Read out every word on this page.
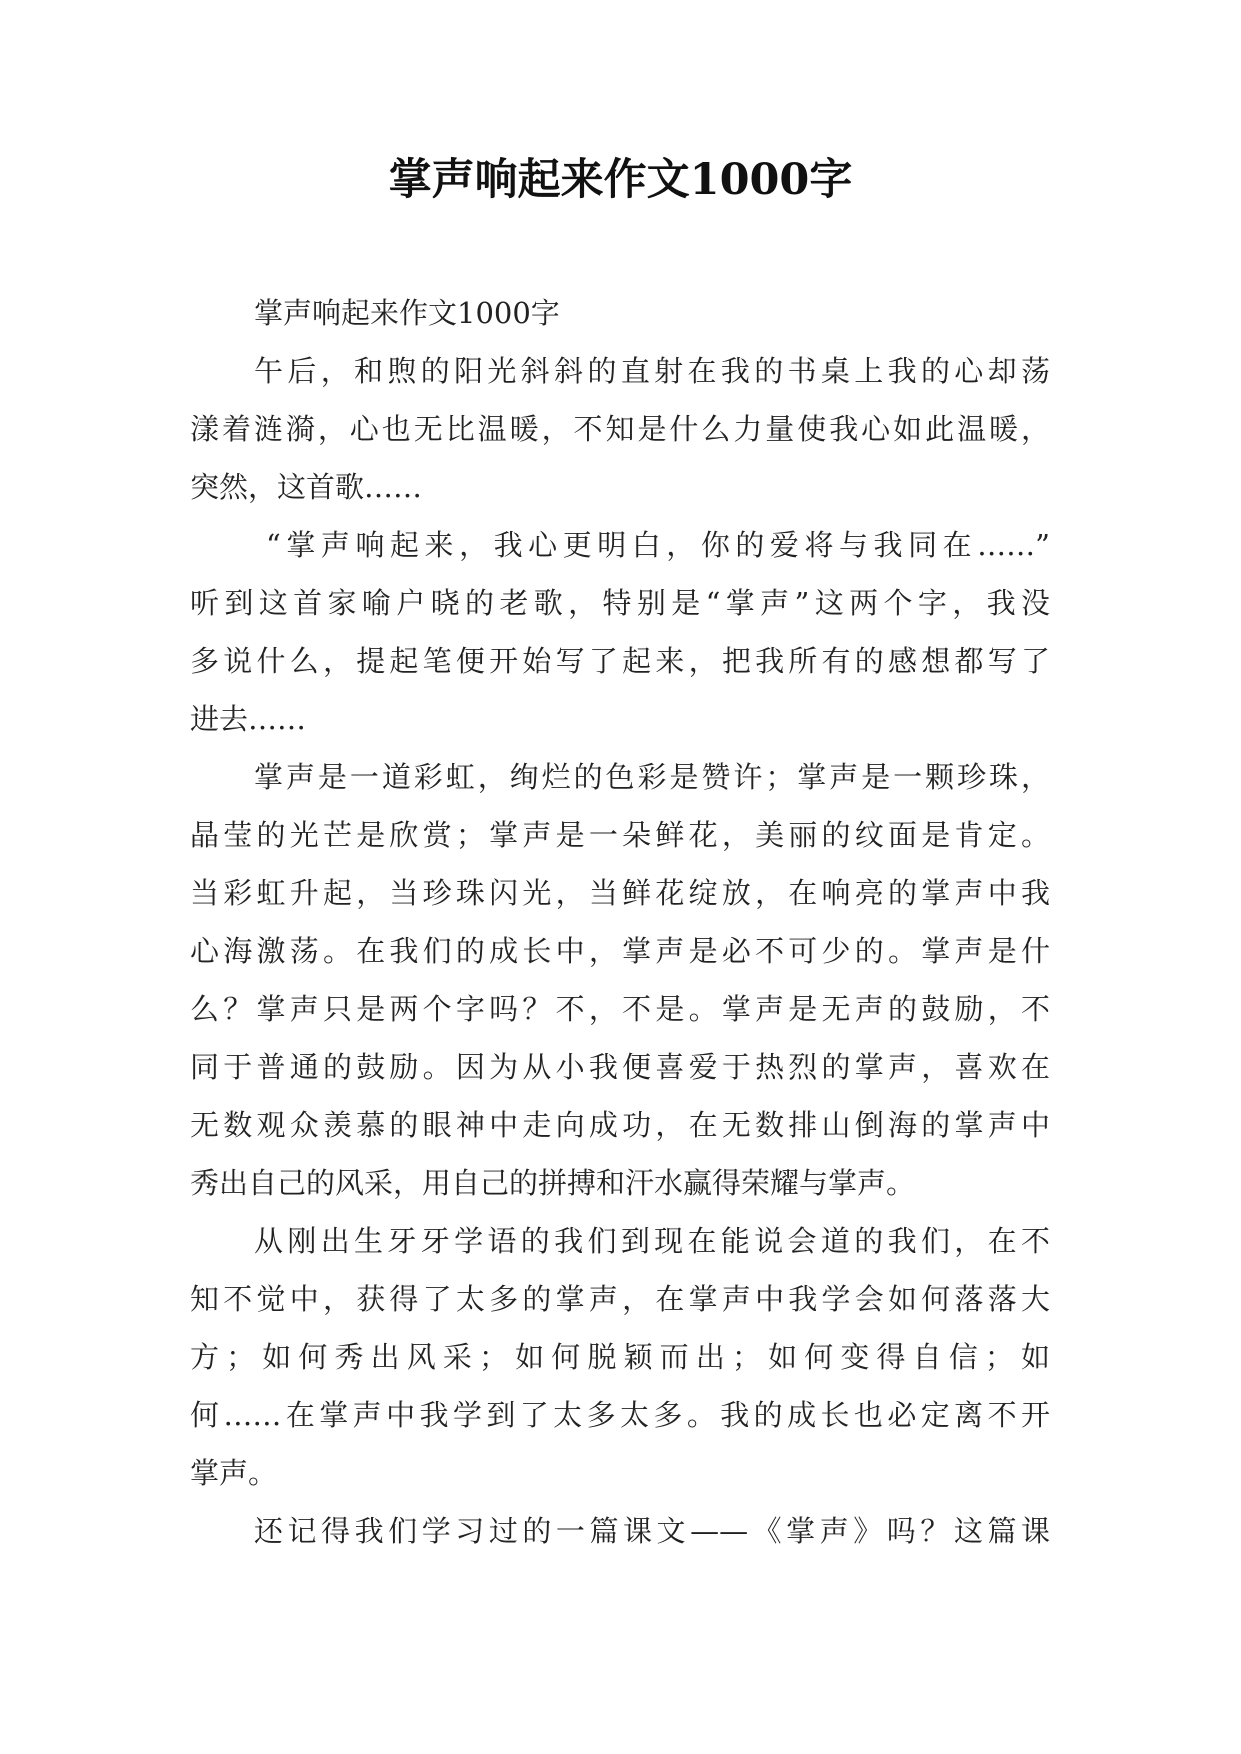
掌声响起来作文1000字
掌声响起来作文1000字
午后，和煦的阳光斜斜的直射在我的书桌上我的心却荡
漾着涟漪，心也无比温暖，不知是什么力量使我心如此温暖，
突然，这首歌……
“掌声响起来，我心更明白，你的爱将与我同在……”
听到这首家喻户晓的老歌，特别是“掌声”这两个字，我没
多说什么，提起笔便开始写了起来，把我所有的感想都写了
进去……
掌声是一道彩虹，绚烂的色彩是赞许；掌声是一颗珍珠，
晶莹的光芒是欣赏；掌声是一朵鲜花，美丽的纹面是肯定。
当彩虹升起，当珍珠闪光，当鲜花绽放，在响亮的掌声中我
心海激荡。在我们的成长中，掌声是必不可少的。掌声是什
么？掌声只是两个字吗？不，不是。掌声是无声的鼓励，不
同于普通的鼓励。因为从小我便喜爱于热烈的掌声，喜欢在
无数观众羡慕的眼神中走向成功，在无数排山倒海的掌声中
秀出自己的风采，用自己的拼搏和汗水赢得荣耀与掌声。
从刚出生牙牙学语的我们到现在能说会道的我们，在不
知不觉中，获得了太多的掌声，在掌声中我学会如何落落大
方；如何秀出风采；如何脱颖而出；如何变得自信；如
何……在掌声中我学到了太多太多。我的成长也必定离不开
掌声。
还记得我们学习过的一篇课文——《掌声》吗？这篇课
